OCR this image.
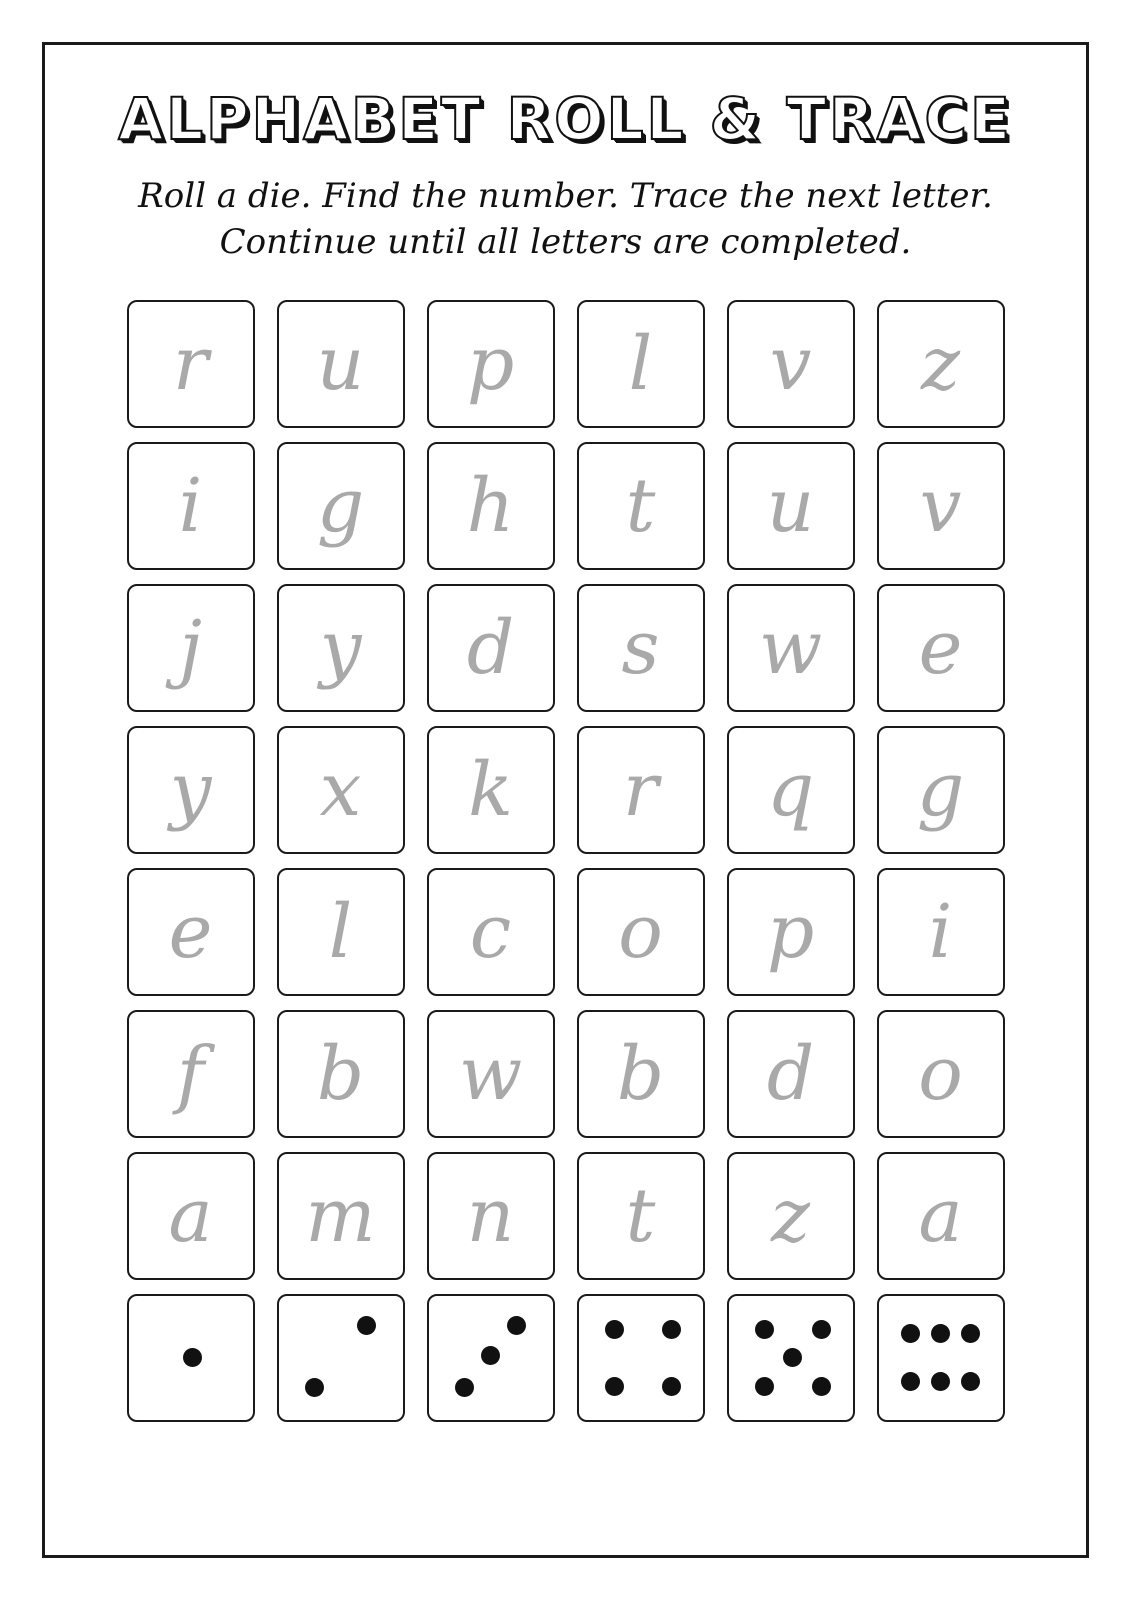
ALPHABET ROLL & TRACE
Roll a die. Find the number. Trace the next letter.
Continue until all letters are completed.
r u p l v z
i g h t u v
j y d s w e
y x k r q g
e l c o p i
f b w b d o
a m n t z a
